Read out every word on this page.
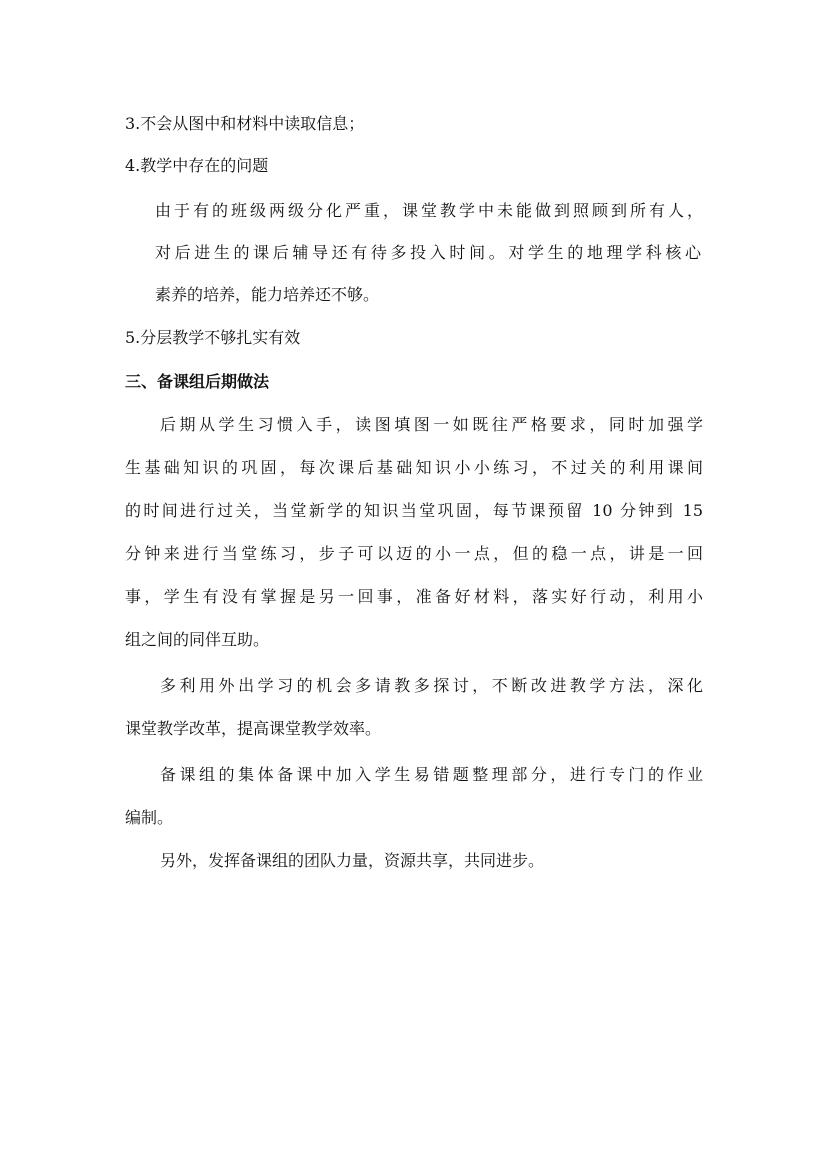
3.不会从图中和材料中读取信息；

4.教学中存在的问题

由于有的班级两级分化严重，课堂教学中未能做到照顾到所有人，

对后进生的课后辅导还有待多投入时间。对学生的地理学科核心

素养的培养，能力培养还不够。

5.分层教学不够扎实有效

三、备课组后期做法

后期从学生习惯入手，读图填图一如既往严格要求，同时加强学

生基础知识的巩固，每次课后基础知识小小练习，不过关的利用课间

的时间进行过关，当堂新学的知识当堂巩固，每节课预留 10 分钟到 15

分钟来进行当堂练习，步子可以迈的小一点，但的稳一点，讲是一回

事，学生有没有掌握是另一回事，准备好材料，落实好行动，利用小

组之间的同伴互助。

多利用外出学习的机会多请教多探讨，不断改进教学方法，深化

课堂教学改革，提高课堂教学效率。

备课组的集体备课中加入学生易错题整理部分，进行专门的作业

编制。

另外，发挥备课组的团队力量，资源共享，共同进步。
